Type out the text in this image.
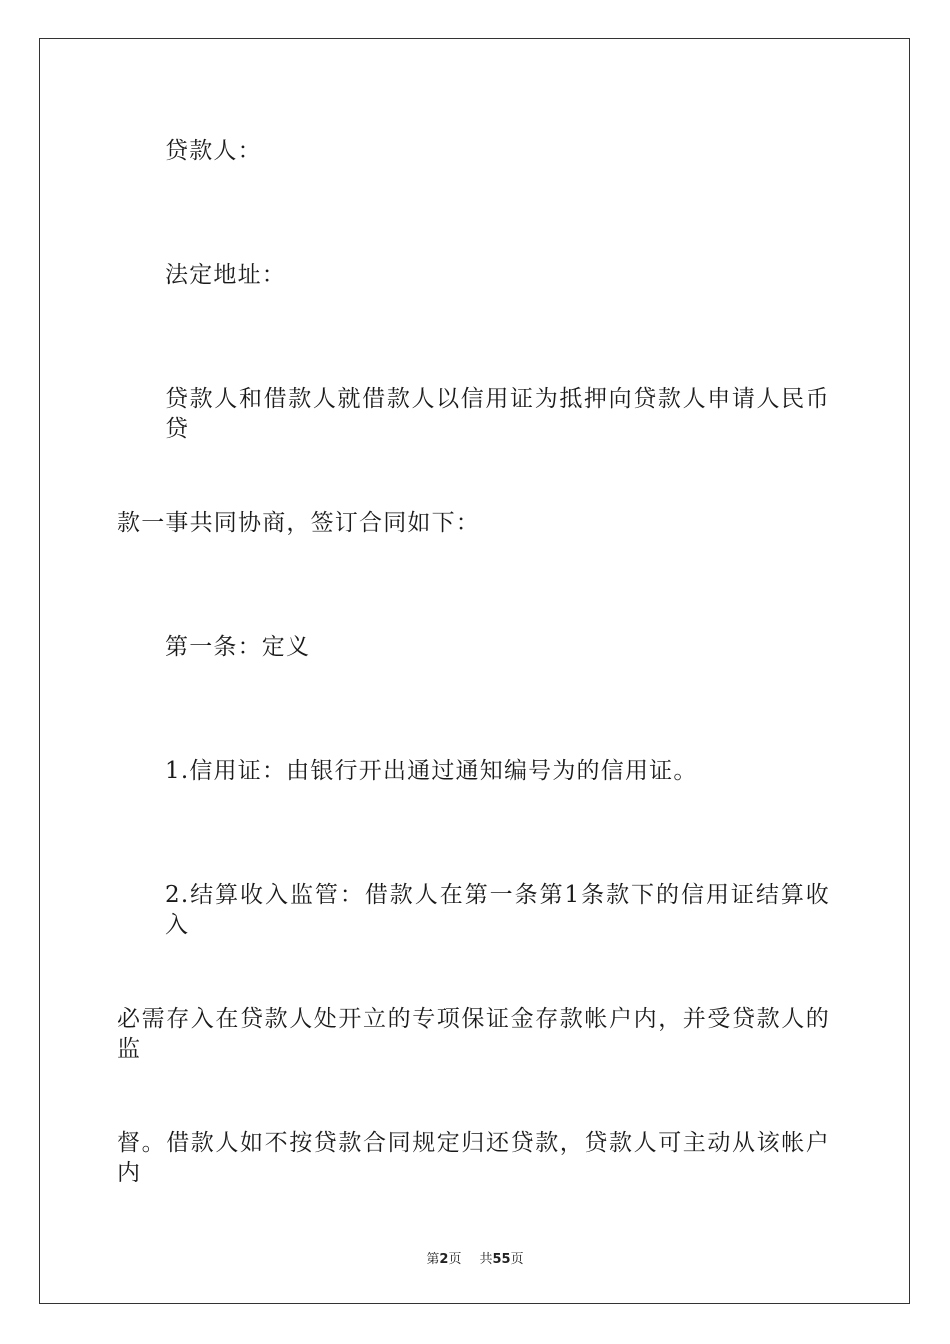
贷款人：
法定地址：
贷款人和借款人就借款人以信用证为抵押向贷款人申请人民币贷
款一事共同协商，签订合同如下：
第一条：定义
1.信用证：由银行开出通过通知编号为的信用证。
2.结算收入监管：借款人在第一条第1条款下的信用证结算收入
必需存入在贷款人处开立的专项保证金存款帐户内，并受贷款人的监
督。借款人如不按贷款合同规定归还贷款，贷款人可主动从该帐户内
第2页 共55页
